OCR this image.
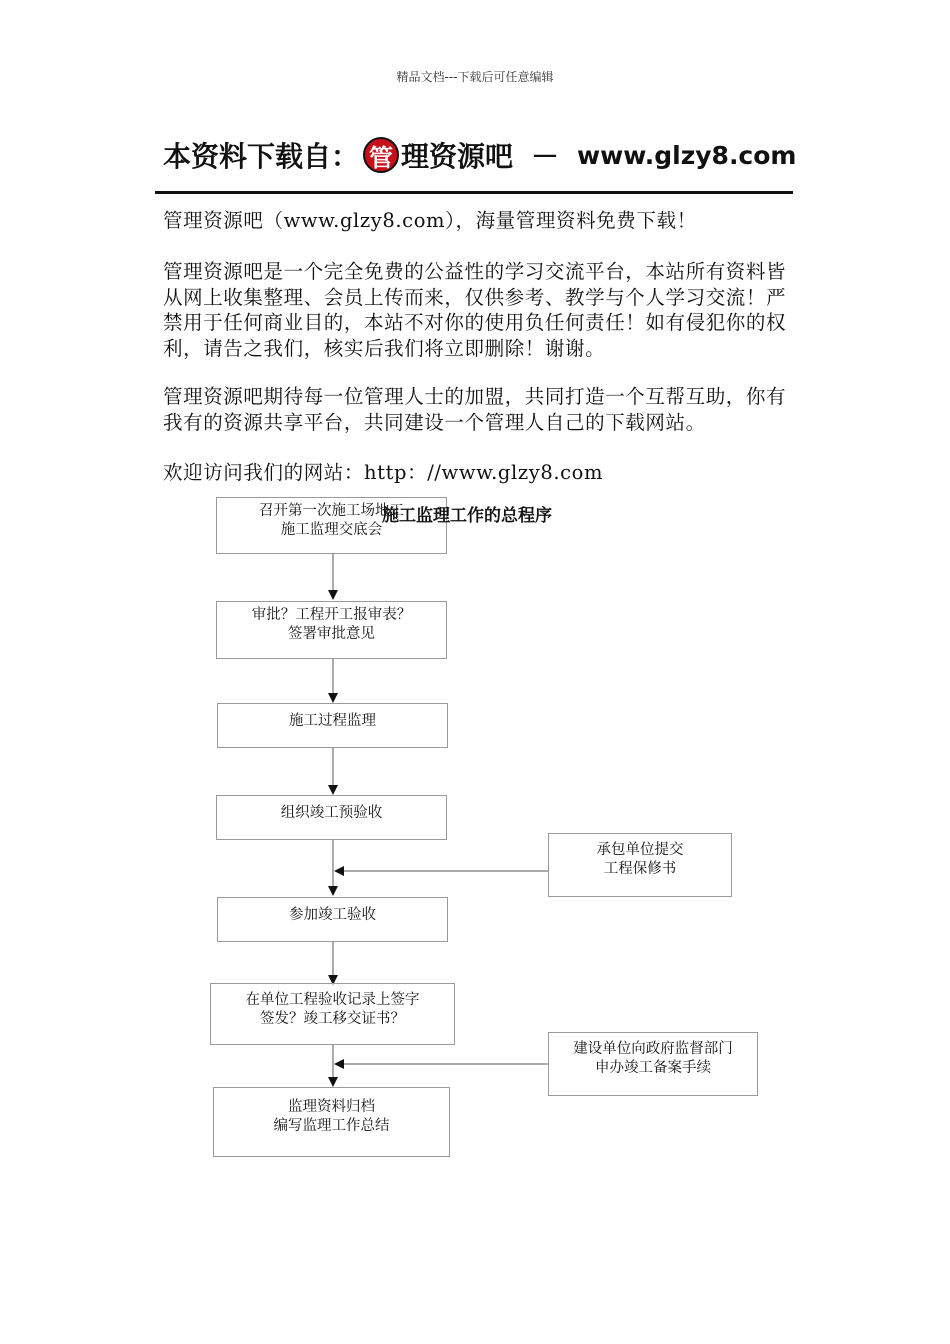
精品文档---下载后可任意编辑
本资料下载自： 管 理资源吧 － www.glzy8.com
管理资源吧（www.glzy8.com），海量管理资料免费下载！
管理资源吧是一个完全免费的公益性的学习交流平台，本站所有资料皆从网上收集整理、会员上传而来，仅供参考、教学与个人学习交流！严禁用于任何商业目的，本站不对你的使用负任何责任！如有侵犯你的权利，请告之我们，核实后我们将立即删除！谢谢。
管理资源吧期待每一位管理人士的加盟，共同打造一个互帮互助，你有我有的资源共享平台，共同建设一个管理人自己的下载网站。
欢迎访问我们的网站：http：//www.glzy8.com
召开第一次施工场地工
施工监理交底会
施工监理工作的总程序
审批？工程开工报审表？
签署审批意见
施工过程监理
组织竣工预验收
承包单位提交
工程保修书
参加竣工验收
在单位工程验收记录上签字
签发？竣工移交证书？
建设单位向政府监督部门
申办竣工备案手续
监理资料归档
编写监理工作总结
